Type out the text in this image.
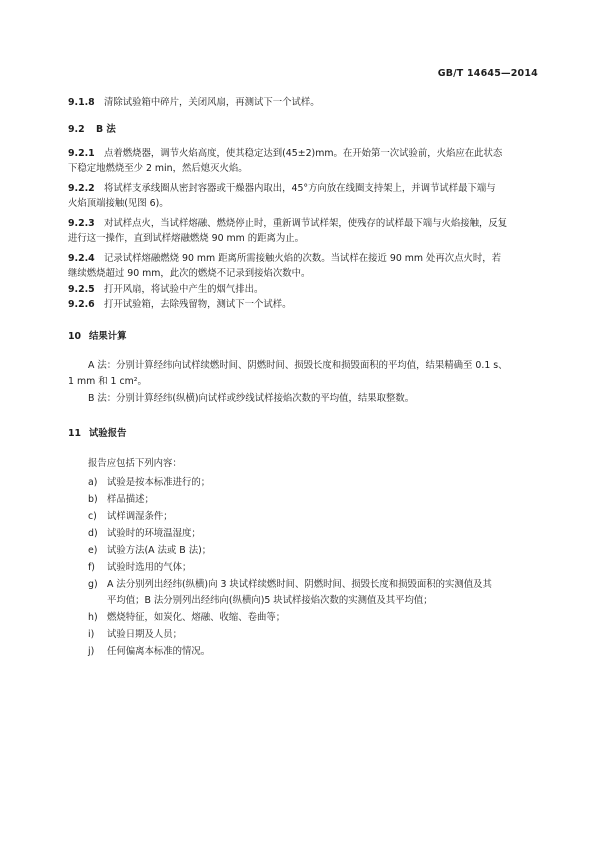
GB/T 14645—2014
9.1.8 清除试验箱中碎片，关闭风扇，再测试下一个试样。
9.2 B 法
9.2.1 点着燃烧器，调节火焰高度，使其稳定达到(45±2)mm。在开始第一次试验前，火焰应在此状态
下稳定地燃烧至少 2 min，然后熄灭火焰。
9.2.2 将试样支承线圈从密封容器或干燥器内取出，45°方向放在线圈支持架上，并调节试样最下端与
火焰顶端接触(见图 6)。
9.2.3 对试样点火，当试样熔融、燃烧停止时，重新调节试样架，使残存的试样最下端与火焰接触，反复
进行这一操作，直到试样熔融燃烧 90 mm 的距离为止。
9.2.4 记录试样熔融燃烧 90 mm 距离所需接触火焰的次数。当试样在接近 90 mm 处再次点火时，若
继续燃烧超过 90 mm，此次的燃烧不记录到接焰次数中。
9.2.5 打开风扇，将试验中产生的烟气排出。
9.2.6 打开试验箱，去除残留物，测试下一个试样。
10 结果计算
A 法：分别计算经纬向试样续燃时间、阴燃时间、损毁长度和损毁面积的平均值，结果精确至 0.1 s、
1 mm 和 1 cm²。
B 法：分别计算经纬(纵横)向试样或纱线试样接焰次数的平均值，结果取整数。
11 试验报告
报告应包括下列内容：
a) 试验是按本标准进行的；
b) 样品描述；
c) 试样调湿条件；
d) 试验时的环境温湿度；
e) 试验方法(A 法或 B 法)；
f) 试验时选用的气体；
g) A 法分别列出经纬(纵横)向 3 块试样续燃时间、阴燃时间、损毁长度和损毁面积的实测值及其
平均值；B 法分别列出经纬向(纵横向)5 块试样接焰次数的实测值及其平均值；
h) 燃烧特征，如炭化、熔融、收缩、卷曲等；
i) 试验日期及人员；
j) 任何偏离本标准的情况。
